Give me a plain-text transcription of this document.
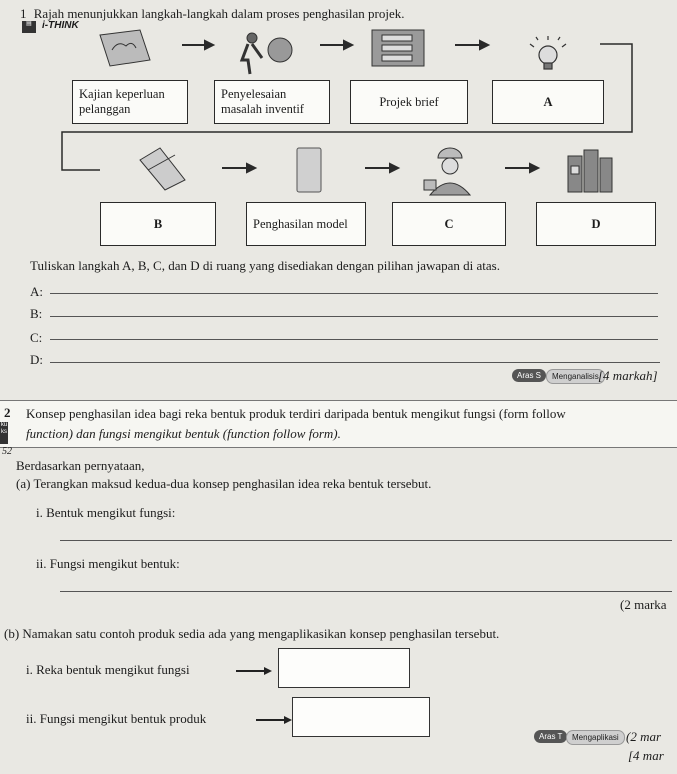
1 Rajah menunjukkan langkah-langkah dalam proses penghasilan projek.
▤	i-THINK
Kajian keperluan pelanggan
Penyelesaian masalah inventif
Projek brief	A
B	Penghasilan model	C	D
Tuliskan langkah A, B, C, dan D di ruang yang disediakan dengan pilihan jawapan di atas.
A:
B:
C:
D:
Aras S	Menganalisis [4 markah]
2
ku
ks
52
Konsep penghasilan idea bagi reka bentuk produk terdiri daripada bentuk mengikut fungsi (form follow
function) dan fungsi mengikut bentuk (function follow form).
Berdasarkan pernyataan,
(a) Terangkan maksud kedua-dua konsep penghasilan idea reka bentuk tersebut.
i. Bentuk mengikut fungsi:
ii. Fungsi mengikut bentuk:
(2 marka
(b) Namakan satu contoh produk sedia ada yang mengaplikasikan konsep penghasilan tersebut.
i. Reka bentuk mengikut fungsi
ii. Fungsi mengikut bentuk produk
Aras T	Mengaplikasi (2 mar
[4 mar
